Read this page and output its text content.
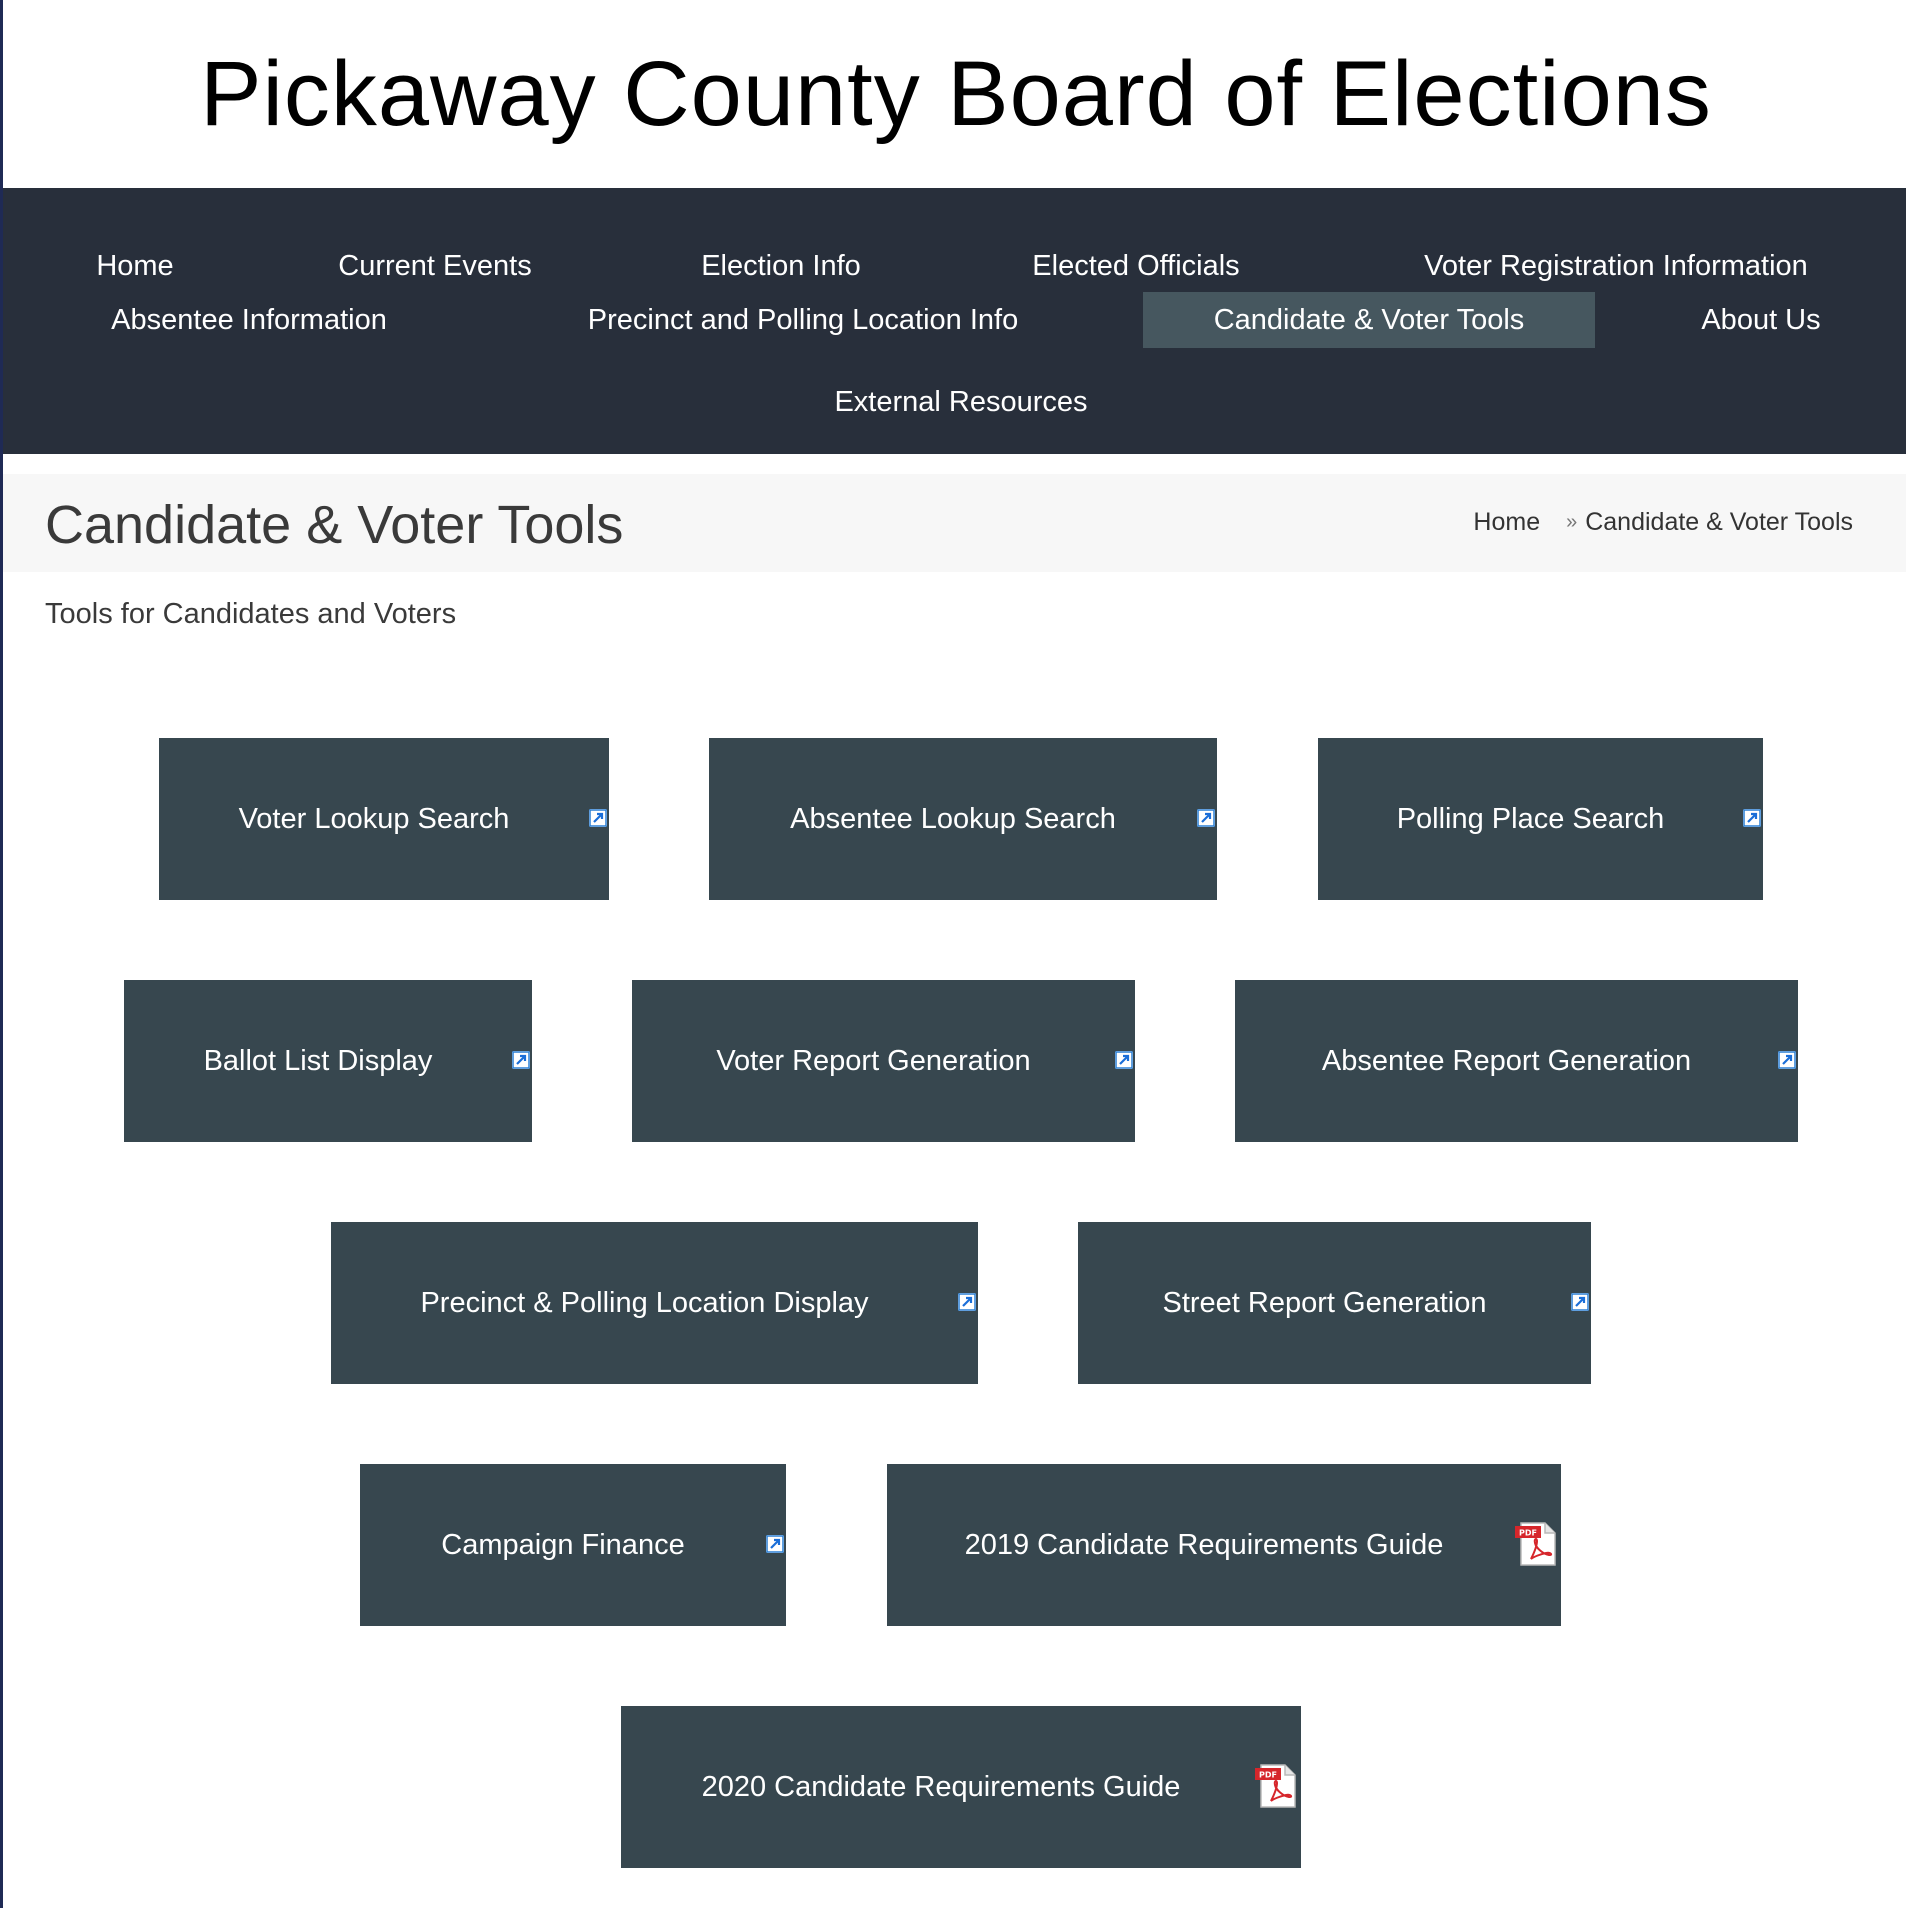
Pickaway County Board of Elections
Home	Current Events	Election Info	Elected Officials	Voter Registration Information
Absentee Information	Precinct and Polling Location Info	Candidate & Voter Tools	About Us
External Resources
Candidate & Voter Tools	Home » Candidate & Voter Tools

Tools for Candidates and Voters

Voter Lookup Search	Absentee Lookup Search	Polling Place Search
Ballot List Display	Voter Report Generation	Absentee Report Generation
Precinct & Polling Location Display	Street Report Generation
Campaign Finance	2019 Candidate Requirements Guide	PDF
2020 Candidate Requirements Guide	PDF
